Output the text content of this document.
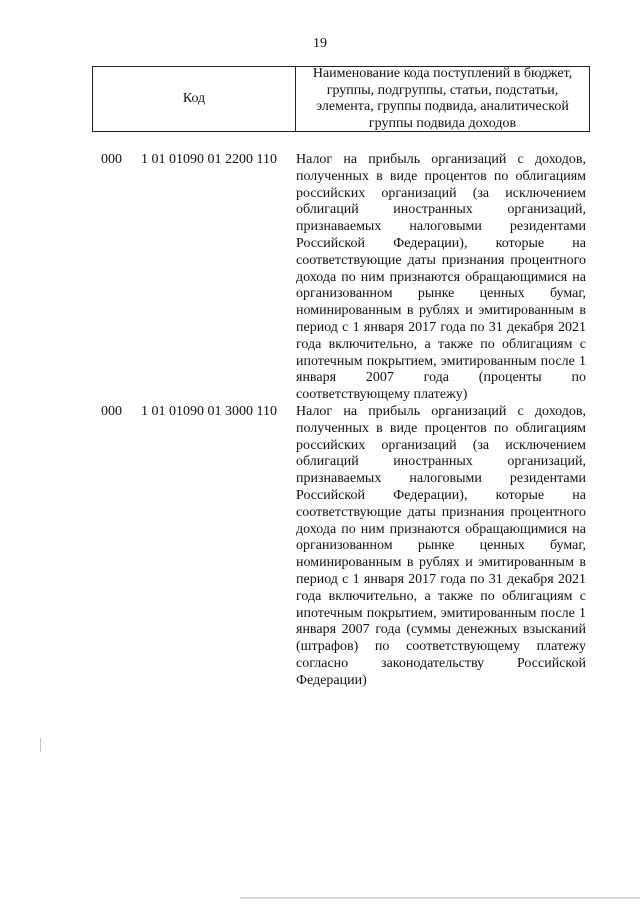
19
Код
Наименование кода поступлений в бюджет, группы, подгруппы, статьи, подстатьи, элемента, группы подвида, аналитической группы подвида доходов
000 1 01 01090 01 2200 110 Налог на прибыль организаций с доходов, полученных в виде процентов по облигациям российских организаций (за исключением облигаций иностранных организаций, признаваемых налоговыми резидентами Российской Федерации), которые на соответствующие даты признания процентного дохода по ним признаются обращающимися на организованном рынке ценных бумаг, номинированным в рублях и эмитированным в период с 1 января 2017 года по 31 декабря 2021 года включительно, а также по облигациям с ипотечным покрытием, эмитированным после 1 января 2007 года (проценты по соответствующему платежу)
000 1 01 01090 01 3000 110 Налог на прибыль организаций с доходов, полученных в виде процентов по облигациям российских организаций (за исключением облигаций иностранных организаций, признаваемых налоговыми резидентами Российской Федерации), которые на соответствующие даты признания процентного дохода по ним признаются обращающимися на организованном рынке ценных бумаг, номинированным в рублях и эмитированным в период с 1 января 2017 года по 31 декабря 2021 года включительно, а также по облигациям с ипотечным покрытием, эмитированным после 1 января 2007 года (суммы денежных взысканий (штрафов) по соответствующему платежу согласно законодательству Российской Федерации)
